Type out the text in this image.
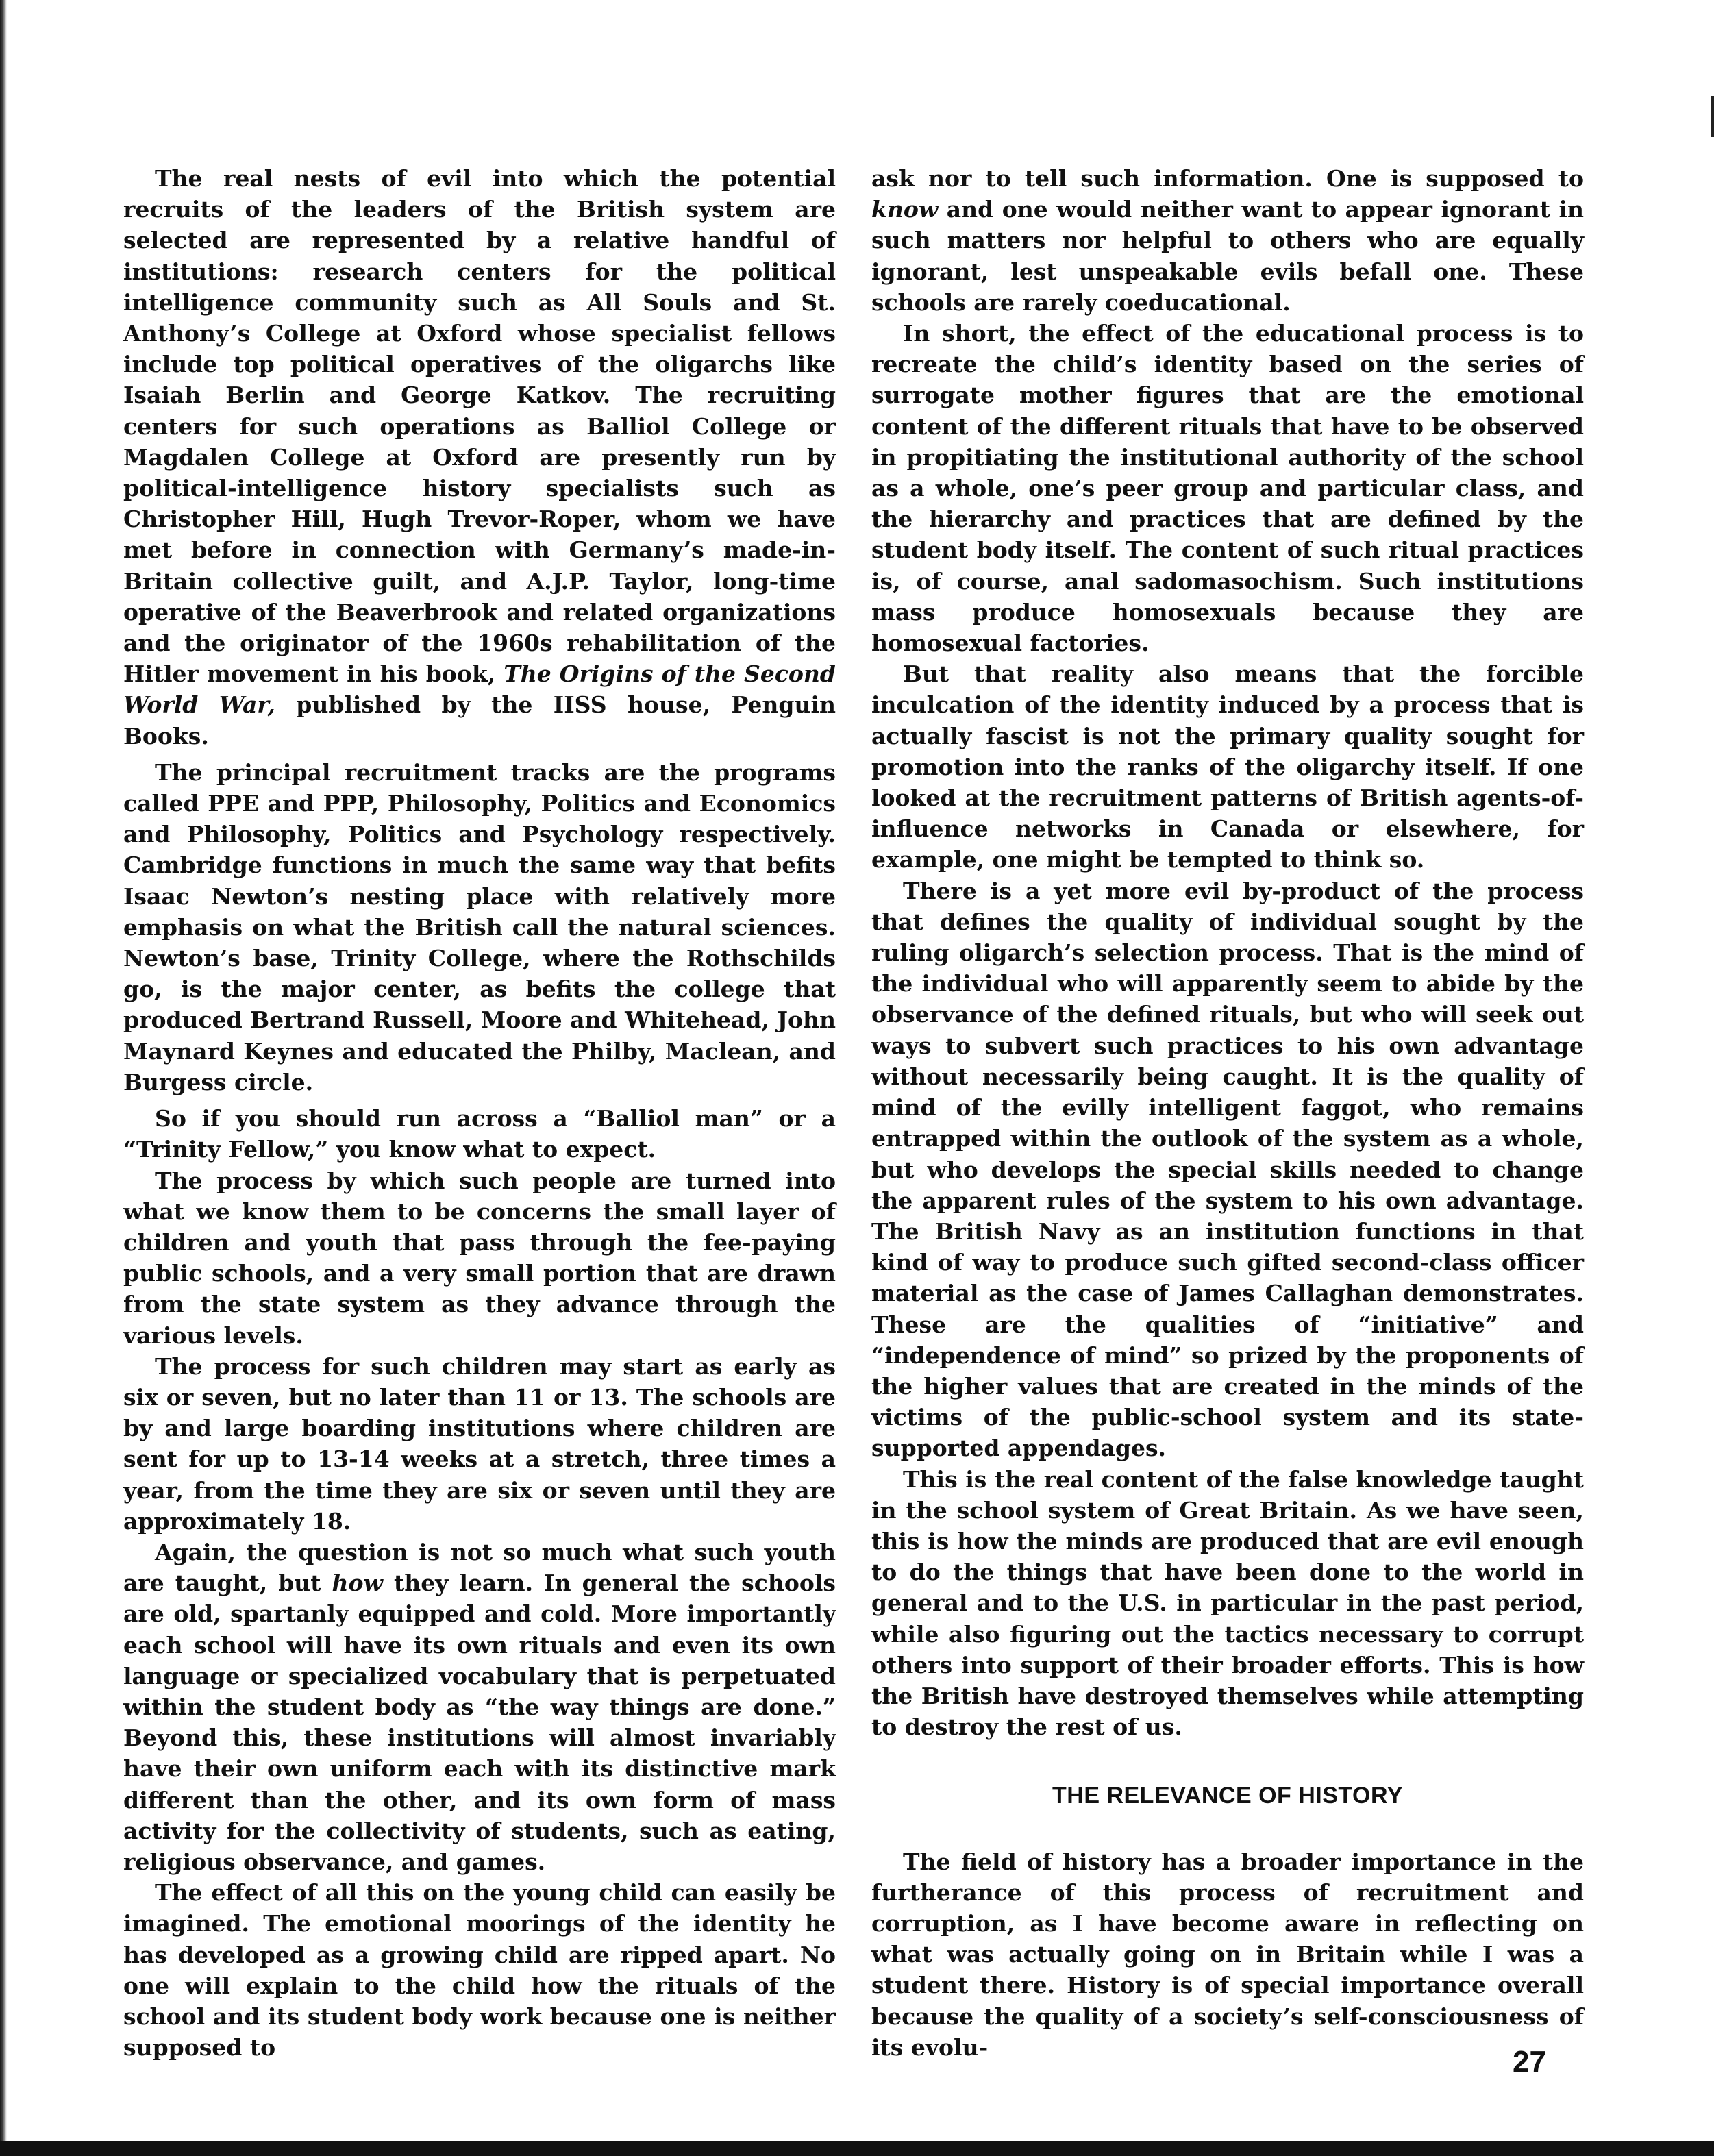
The real nests of evil into which the potential recruits of the leaders of the British system are selected are represented by a relative handful of institutions: research centers for the political intelligence community such as All Souls and St. Anthony’s College at Oxford whose specialist fellows include top political operatives of the oligarchs like Isaiah Berlin and George Katkov. The recruiting centers for such operations as Balliol College or Magdalen College at Oxford are presently run by political-intelligence history specialists such as Christopher Hill, Hugh Trevor-Roper, whom we have met before in connection with Germany’s made-in-Britain collective guilt, and A.J.P. Taylor, long-time operative of the Beaverbrook and related organizations and the originator of the 1960s rehabilitation of the Hitler movement in his book, The Origins of the Second World War, published by the IISS house, Penguin Books.

The principal recruitment tracks are the programs called PPE and PPP, Philosophy, Politics and Economics and Philosophy, Politics and Psychology respectively. Cambridge functions in much the same way that befits Isaac Newton’s nesting place with relatively more emphasis on what the British call the natural sciences. Newton’s base, Trinity College, where the Rothschilds go, is the major center, as befits the college that produced Bertrand Russell, Moore and Whitehead, John Maynard Keynes and educated the Philby, Maclean, and Burgess circle.

So if you should run across a “Balliol man” or a “Trinity Fellow,” you know what to expect.

The process by which such people are turned into what we know them to be concerns the small layer of children and youth that pass through the fee-paying public schools, and a very small portion that are drawn from the state system as they advance through the various levels.

The process for such children may start as early as six or seven, but no later than 11 or 13. The schools are by and large boarding institutions where children are sent for up to 13-14 weeks at a stretch, three times a year, from the time they are six or seven until they are approximately 18.

Again, the question is not so much what such youth are taught, but how they learn. In general the schools are old, spartanly equipped and cold. More importantly each school will have its own rituals and even its own language or specialized vocabulary that is perpetuated within the student body as “the way things are done.” Beyond this, these institutions will almost invariably have their own uniform each with its distinctive mark different than the other, and its own form of mass activity for the collectivity of students, such as eating, religious observance, and games.

The effect of all this on the young child can easily be imagined. The emotional moorings of the identity he has developed as a growing child are ripped apart. No one will explain to the child how the rituals of the school and its student body work because one is neither supposed to

ask nor to tell such information. One is supposed to know and one would neither want to appear ignorant in such matters nor helpful to others who are equally ignorant, lest unspeakable evils befall one. These schools are rarely coeducational.

In short, the effect of the educational process is to recreate the child’s identity based on the series of surrogate mother figures that are the emotional content of the different rituals that have to be observed in propitiating the institutional authority of the school as a whole, one’s peer group and particular class, and the hierarchy and practices that are defined by the student body itself. The content of such ritual practices is, of course, anal sadomasochism. Such institutions mass produce homosexuals because they are homosexual factories.

But that reality also means that the forcible inculcation of the identity induced by a process that is actually fascist is not the primary quality sought for promotion into the ranks of the oligarchy itself. If one looked at the recruitment patterns of British agents-of-influence networks in Canada or elsewhere, for example, one might be tempted to think so.

There is a yet more evil by-product of the process that defines the quality of individual sought by the ruling oligarch’s selection process. That is the mind of the individual who will apparently seem to abide by the observance of the defined rituals, but who will seek out ways to subvert such practices to his own advantage without necessarily being caught. It is the quality of mind of the evilly intelligent faggot, who remains entrapped within the outlook of the system as a whole, but who develops the special skills needed to change the apparent rules of the system to his own advantage. The British Navy as an institution functions in that kind of way to produce such gifted second-class officer material as the case of James Callaghan demonstrates. These are the qualities of “initiative” and “independence of mind” so prized by the proponents of the higher values that are created in the minds of the victims of the public-school system and its state-supported appendages.

This is the real content of the false knowledge taught in the school system of Great Britain. As we have seen, this is how the minds are produced that are evil enough to do the things that have been done to the world in general and to the U.S. in particular in the past period, while also figuring out the tactics necessary to corrupt others into support of their broader efforts. This is how the British have destroyed themselves while attempting to destroy the rest of us.

THE RELEVANCE OF HISTORY

The field of history has a broader importance in the furtherance of this process of recruitment and corruption, as I have become aware in reflecting on what was actually going on in Britain while I was a student there. History is of special importance overall because the quality of a society’s self-consciousness of its evolu-	27
